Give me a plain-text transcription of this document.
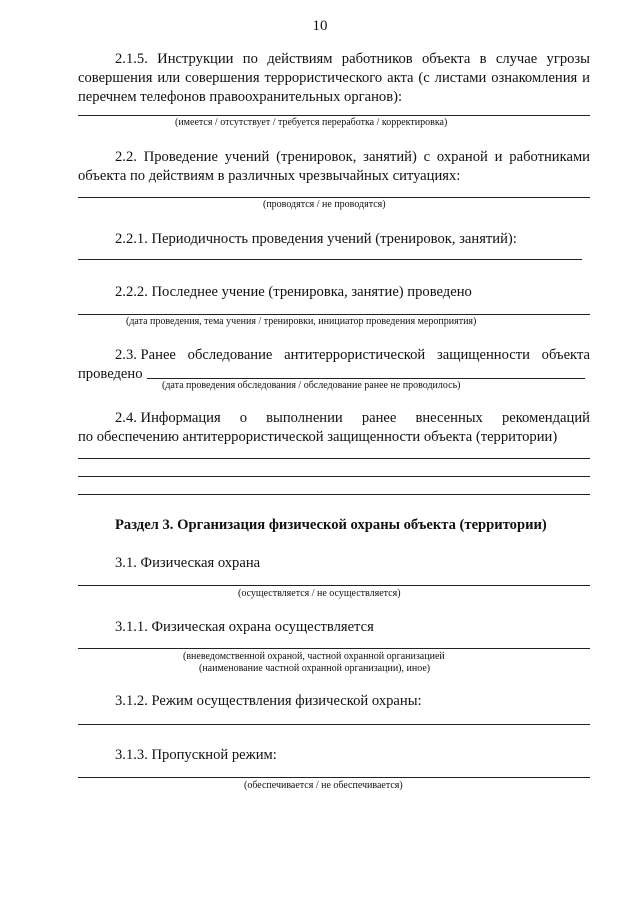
10
2.1.5. Инструкции по действиям работников объекта в случае угрозы совершения или совершения террористического акта (с листами ознакомления и перечнем телефонов правоохранительных органов):
(имеется / отсутствует / требуется переработка / корректировка)
2.2. Проведение учений (тренировок, занятий) с охраной и работниками объекта по действиям в различных чрезвычайных ситуациях:
(проводятся / не проводятся)
2.2.1. Периодичность проведения учений (тренировок, занятий):
2.2.2. Последнее учение (тренировка, занятие) проведено
(дата проведения, тема учения / тренировки, инициатор проведения мероприятия)
2.3. Ранее обследование антитеррористической защищенности объекта
проведено
(дата проведения обследования / обследование ранее не проводилось)
2.4. Информация о выполнении ранее внесенных рекомендаций
по обеспечению антитеррористической защищенности объекта (территории)
Раздел 3. Организация физической охраны объекта (территории)
3.1. Физическая охрана
(осуществляется / не осуществляется)
3.1.1. Физическая охрана осуществляется
(вневедомственной охраной, частной охранной организацией
(наименование частной охранной организации), иное)
3.1.2. Режим осуществления физической охраны:
3.1.3. Пропускной режим:
(обеспечивается / не обеспечивается)
